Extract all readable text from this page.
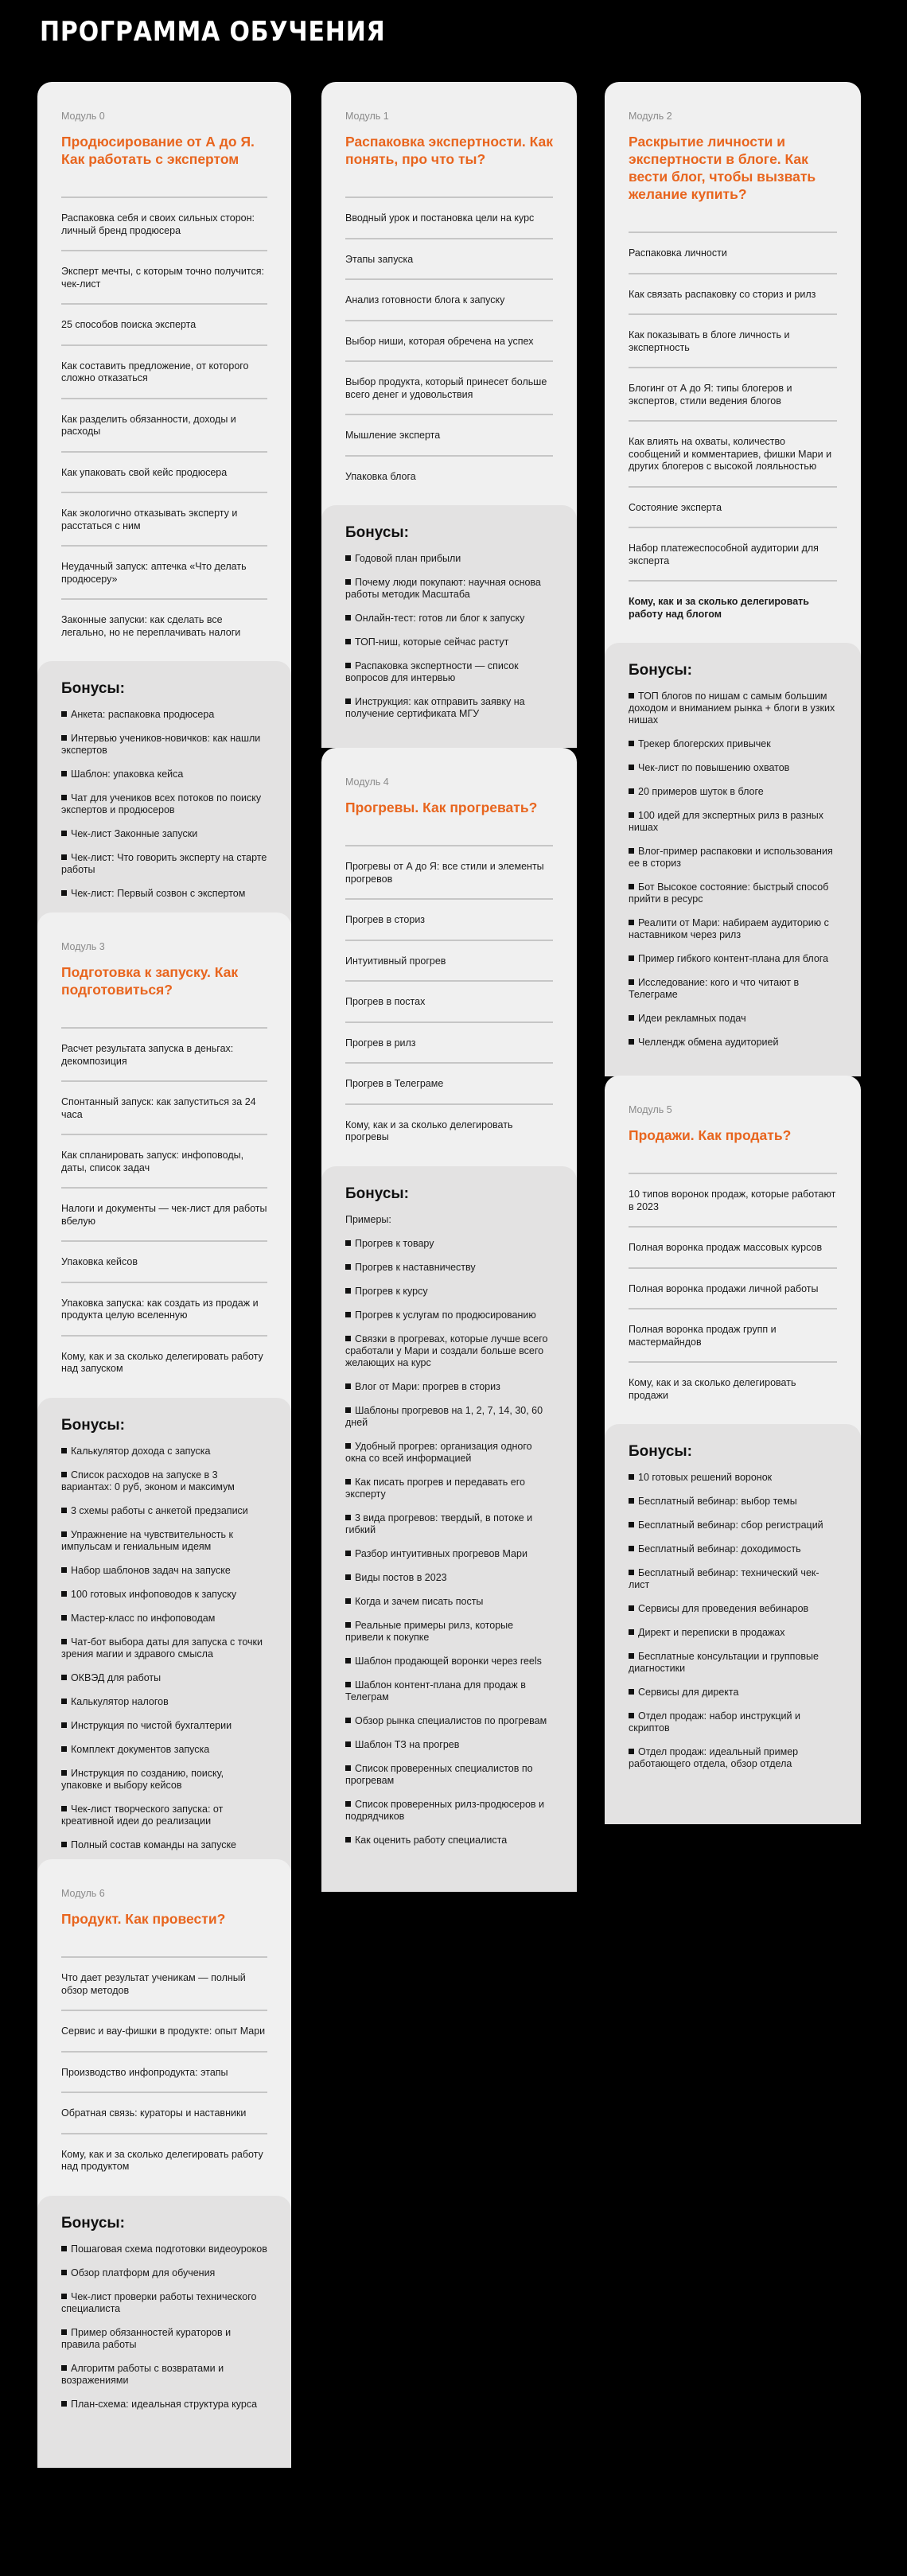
ПРОГРАММА ОБУЧЕНИЯ

Модуль 0

Продюсирование от А до Я. Как работать с экспертом
Распаковка себя и своих сильных сторон: личный бренд продюсера
Эксперт мечты, с которым точно получится: чек-лист
25 способов поиска эксперта
Как составить предложение, от которого сложно отказаться
Как разделить обязанности, доходы и расходы
Как упаковать свой кейс продюсера
Как экологично отказывать эксперту и расстаться с ним
Неудачный запуск: аптечка «Что делать продюсеру»
Законные запуски: как сделать все легально, но не переплачивать налоги
Бонусы:
Анкета: распаковка продюсера
Интервью учеников-новичков: как нашли экспертов
Шаблон: упаковка кейса
Чат для учеников всех потоков по поиску экспертов и продюсеров
Чек-лист Законные запуски
Чек-лист: Что говорить эксперту на старте работы
Чек-лист: Первый созвон с экспертом

Модуль 1

Распаковка экспертности. Как понять, про что ты?
Вводный урок и постановка цели на курс
Этапы запуска
Анализ готовности блога к запуску
Выбор ниши, которая обречена на успех
Выбор продукта, который принесет больше всего денег и удовольствия
Мышление эксперта
Упаковка блога
Бонусы:
Годовой план прибыли
Почему люди покупают: научная основа работы методик Масштаба
Онлайн-тест: готов ли блог к запуску
ТОП-ниш, которые сейчас растут
Распаковка экспертности — список вопросов для интервью
Инструкция: как отправить заявку на получение сертификата МГУ

Модуль 2

Раскрытие личности и экспертности в блоге. Как вести блог, чтобы вызвать желание купить?
Распаковка личности
Как связать распаковку со сториз и рилз
Как показывать в блоге личность и экспертность
Блогинг от А до Я: типы блогеров и экспертов, стили ведения блогов
Как влиять на охваты, количество сообщений и комментариев, фишки Мари и других блогеров с высокой лояльностью
Состояние эксперта
Набор платежеспособной аудитории для эксперта
Кому, как и за сколько делегировать работу над блогом
Бонусы:
ТОП блогов по нишам с самым большим доходом и вниманием рынка + блоги в узких нишах
Трекер блогерских привычек
Чек-лист по повышению охватов
20 примеров шуток в блоге
100 идей для экспертных рилз в разных нишах
Влог-пример распаковки и использования ее в сториз
Бот Высокое состояние: быстрый способ прийти в ресурс
Реалити от Мари: набираем аудиторию с наставником через рилз
Пример гибкого контент-плана для блога
Исследование: кого и что читают в Телеграме
Идеи рекламных подач
Челлендж обмена аудиторией

Модуль 3

Подготовка к запуску. Как подготовиться?
Расчет результата запуска в деньгах: декомпозиция
Спонтанный запуск: как запуститься за 24 часа
Как спланировать запуск: инфоповоды, даты, список задач
Налоги и документы — чек-лист для работы вбелую
Упаковка кейсов
Упаковка запуска: как создать из продаж и продукта целую вселенную
Кому, как и за сколько делегировать работу над запуском
Бонусы:
Калькулятор дохода с запуска
Список расходов на запуске в 3 вариантах: 0 руб, эконом и максимум
3 схемы работы с анкетой предзаписи
Упражнение на чувствительность к импульсам и гениальным идеям
Набор шаблонов задач на запуске
100 готовых инфоповодов к запуску
Мастер-класс по инфоповодам
Чат-бот выбора даты для запуска с точки зрения магии и здравого смысла
ОКВЭД для работы
Калькулятор налогов
Инструкция по чистой бухгалтерии
Комплект документов запуска
Инструкция по созданию, поиску, упаковке и выбору кейсов
Чек-лист творческого запуска: от креативной идеи до реализации
Полный состав команды на запуске

Модуль 4

Прогревы. Как прогревать?
Прогревы от А до Я: все стили и элементы прогревов
Прогрев в сториз
Интуитивный прогрев
Прогрев в постах
Прогрев в рилз
Прогрев в Телеграме
Кому, как и за сколько делегировать прогревы
Бонусы:

Примеры:

Прогрев к товару
Прогрев к наставничеству
Прогрев к курсу
Прогрев к услугам по продюсированию
Связки в прогревах, которые лучше всего сработали у Мари и создали больше всего желающих на курс
Влог от Мари: прогрев в сториз
Шаблоны прогревов на 1, 2, 7, 14, 30, 60 дней
Удобный прогрев: организация одного окна со всей информацией
Как писать прогрев и передавать его эксперту
3 вида прогревов: твердый, в потоке и гибкий
Разбор интуитивных прогревов Мари
Виды постов в 2023
Когда и зачем писать посты
Реальные примеры рилз, которые привели к покупке
Шаблон продающей воронки через reels
Шаблон контент-плана для продаж в Телеграм
Обзор рынка специалистов по прогревам
Шаблон ТЗ на прогрев
Список проверенных специалистов по прогревам
Список проверенных рилз-продюсеров и подрядчиков
Как оценить работу специалиста

Модуль 5

Продажи. Как продать?
10 типов воронок продаж, которые работают в 2023
Полная воронка продаж массовых курсов
Полная воронка продажи личной работы
Полная воронка продаж групп и мастермайндов
Кому, как и за сколько делегировать продажи
Бонусы:
10 готовых решений воронок
Бесплатный вебинар: выбор темы
Бесплатный вебинар: сбор регистраций
Бесплатный вебинар: доходимость
Бесплатный вебинар: технический чек-лист
Сервисы для проведения вебинаров
Директ и переписки в продажах
Бесплатные консультации и групповые диагностики
Сервисы для директа
Отдел продаж: набор инструкций и скриптов
Отдел продаж: идеальный пример работающего отдела, обзор отдела

Модуль 6

Продукт. Как провести?
Что дает результат ученикам — полный обзор методов
Сервис и вау-фишки в продукте: опыт Мари
Производство инфопродукта: этапы
Обратная связь: кураторы и наставники
Кому, как и за сколько делегировать работу над продуктом
Бонусы:
Пошаговая схема подготовки видеоуроков
Обзор платформ для обучения
Чек-лист проверки работы технического специалиста
Пример обязанностей кураторов и правила работы
Алгоритм работы с возвратами и возражениями
План-схема: идеальная структура курса
